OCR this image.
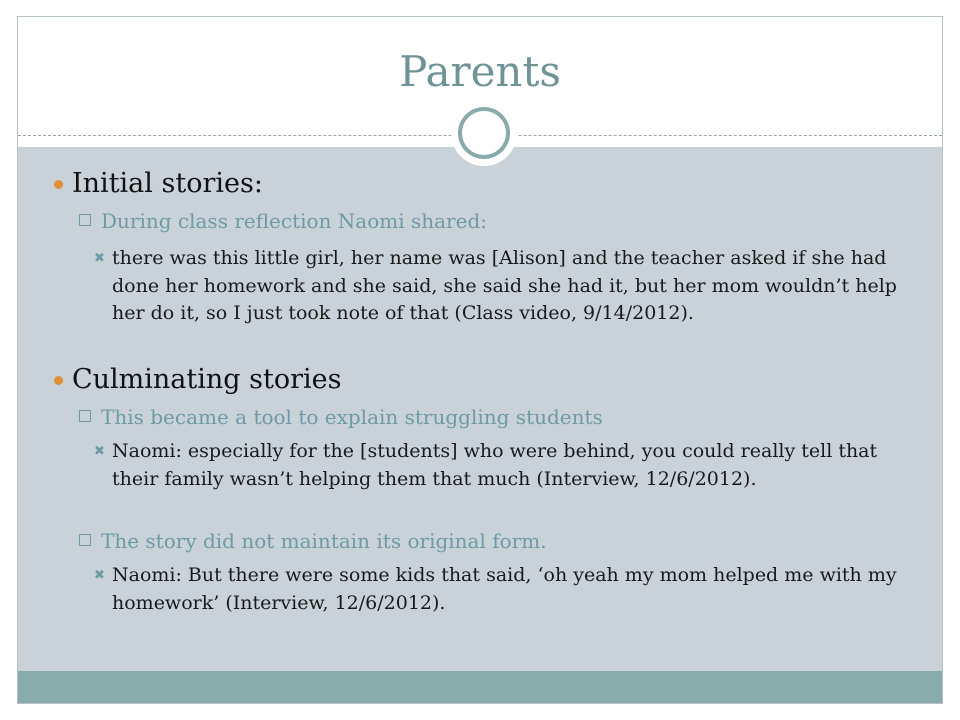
Parents
Initial stories:
During class reflection Naomi shared:
✖ there was this little girl, her name was [Alison] and the teacher asked if she had done her homework and she said, she said she had it, but her mom wouldn’t help her do it, so I just took note of that (Class video, 9/14/2012).
Culminating stories
This became a tool to explain struggling students
✖ Naomi: especially for the [students] who were behind, you could really tell that their family wasn’t helping them that much (Interview, 12/6/2012).
The story did not maintain its original form.
✖ Naomi: But there were some kids that said, ‘oh yeah my mom helped me with my homework’ (Interview, 12/6/2012).
